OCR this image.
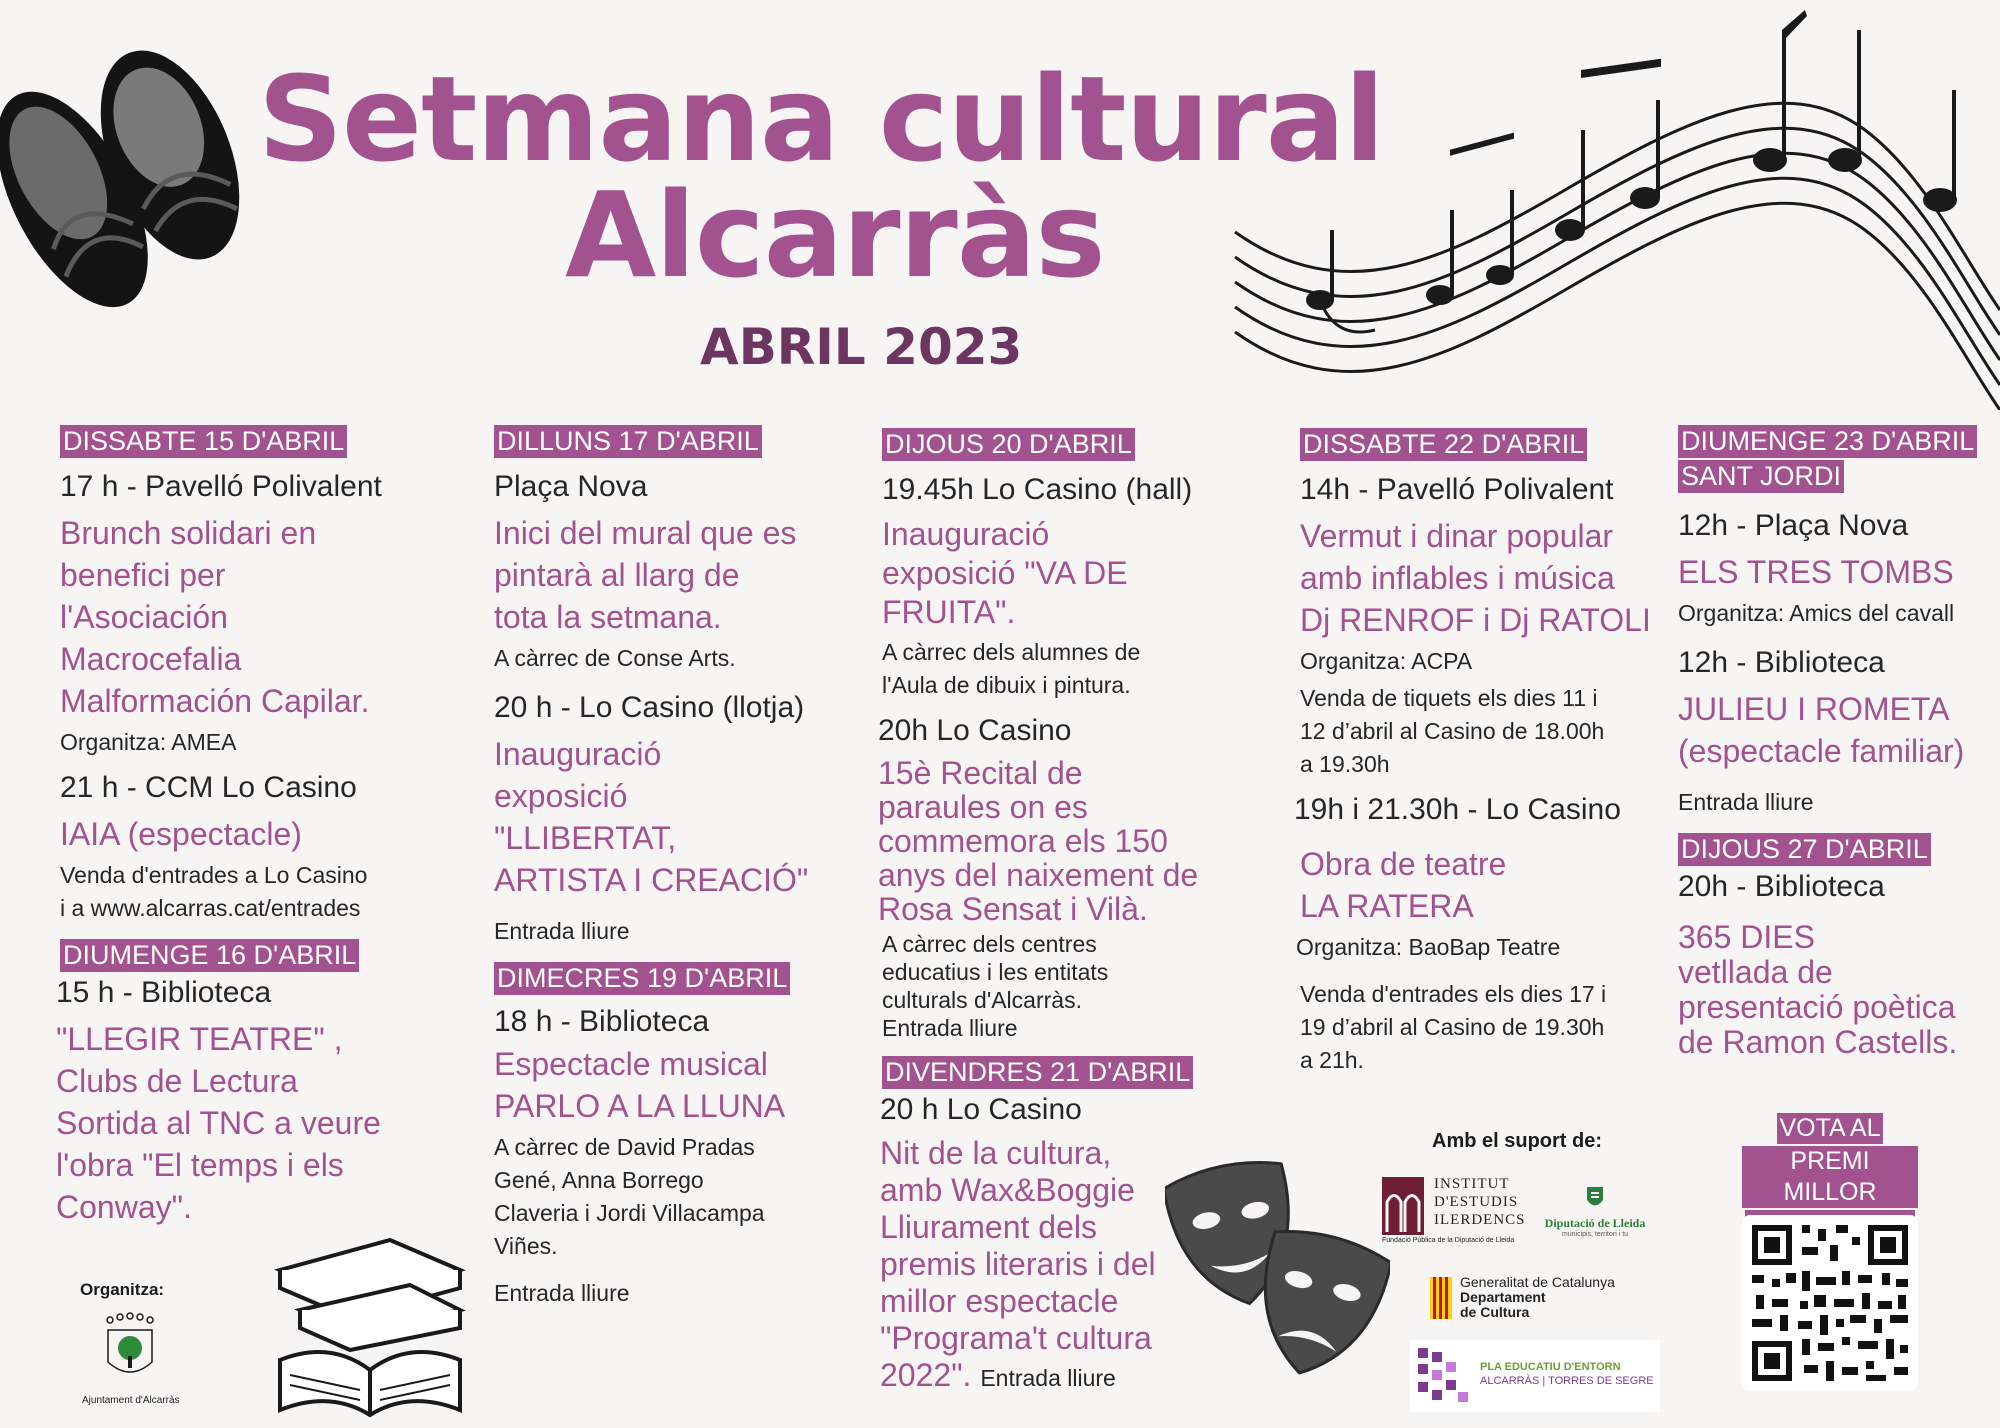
Setmana cultural
Alcarràs
ABRIL 2023
DISSABTE 15 D'ABRIL
17 h - Pavelló Polivalent
Brunch solidari en
benefici per
l'Asociación
Macrocefalia
Malformación Capilar.
Organitza: AMEA
21 h - CCM Lo Casino
IAIA (espectacle)
Venda d'entrades a Lo Casino
i a www.alcarras.cat/entrades
DIUMENGE 16 D'ABRIL
15 h - Biblioteca
"LLEGIR TEATRE" ,
Clubs de Lectura
Sortida al TNC a veure
l'obra "El temps i els
Conway".
Organitza:
Ajuntament d'Alcarràs
DILLUNS 17 D'ABRIL
Plaça Nova
Inici del mural que es
pintarà al llarg de
tota la setmana.
A càrrec de Conse Arts.
20 h - Lo Casino (llotja)
Inauguració
exposició
"LLIBERTAT,
ARTISTA I CREACIÓ"
Entrada lliure
DIMECRES 19 D'ABRIL
18 h - Biblioteca
Espectacle musical
PARLO A LA LLUNA
A càrrec de David Pradas
Gené, Anna Borrego
Claveria i Jordi Villacampa
Viñes.
Entrada lliure
DIJOUS 20 D'ABRIL
19.45h Lo Casino (hall)
Inauguració
exposició "VA DE
FRUITA".
A càrrec dels alumnes de
l'Aula de dibuix i pintura.
20h Lo Casino
15è Recital de
paraules on es
commemora els 150
anys del naixement de
Rosa Sensat i Vilà.
A càrrec dels centres
educatius i les entitats
culturals d'Alcarràs.
Entrada lliure
DIVENDRES 21 D'ABRIL
20 h Lo Casino
Nit de la cultura,
amb Wax&Boggie
Lliurament dels
premis literaris i del
millor espectacle
"Programa't cultura
2022". Entrada lliure
DISSABTE 22 D'ABRIL
14h - Pavelló Polivalent
Vermut i dinar popular
amb inflables i música
Dj RENROF i Dj RATOLI
Organitza: ACPA
Venda de tiquets els dies 11 i
12 d’abril al Casino de 18.00h
a 19.30h
19h i 21.30h - Lo Casino
Obra de teatre
LA RATERA
Organitza: BaoBap Teatre
Venda d'entrades els dies 17 i
19 d’abril al Casino de 19.30h
a 21h.
Amb el suport de:
INSTITUT
D'ESTUDIS
ILERDENCS
Fundació Pública de la Diputació de Lleida
Diputació de Lleida
municipis, territori i tu
Generalitat de Catalunya
Departament
de Cultura
PLA EDUCATIU D'ENTORN
ALCARRÀS | TORRES DE SEGRE
DIUMENGE 23 D'ABRIL
SANT JORDI
12h - Plaça Nova
ELS TRES TOMBS
Organitza: Amics del cavall
12h - Biblioteca
JULIEU I ROMETA
(espectacle familiar)
Entrada lliure
DIJOUS 27 D'ABRIL
20h - Biblioteca
365 DIES
vetllada de
presentació poètica
de Ramon Castells.
VOTA AL
PREMI MILLOR
